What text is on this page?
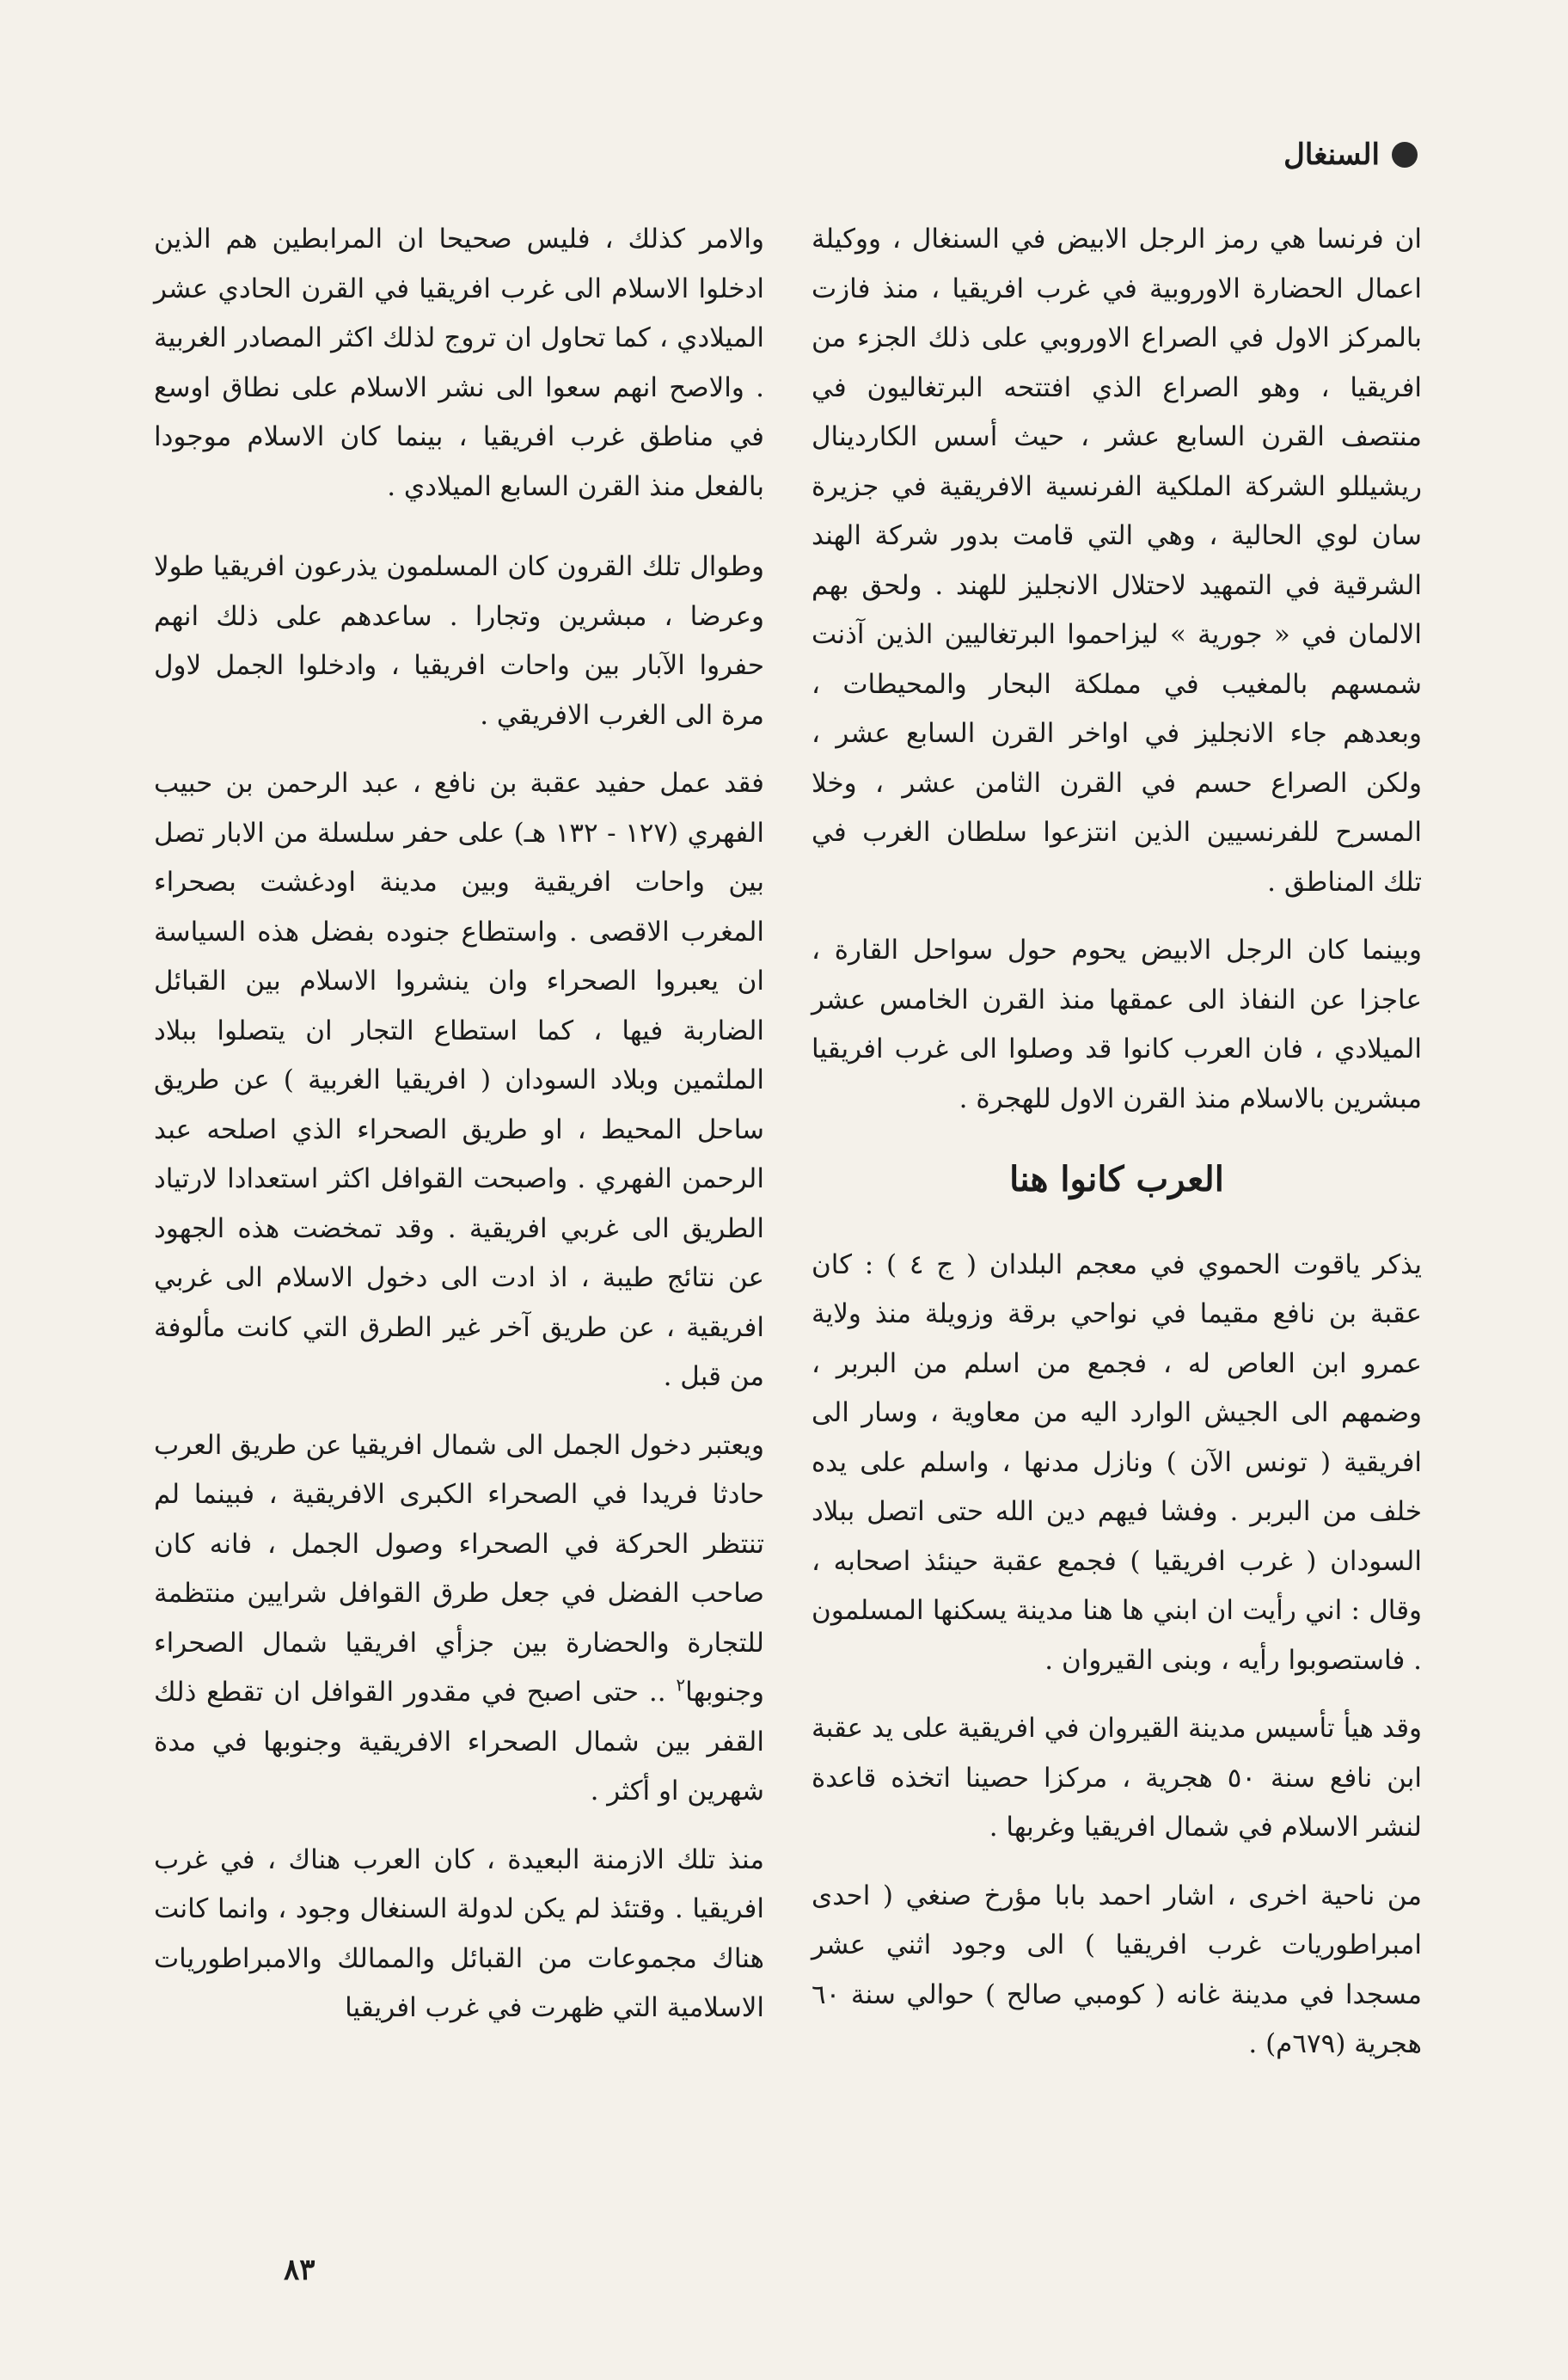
السنغال

ان فرنسا هي رمز الرجل الابيض في السنغال ، ووكيلة اعمال الحضارة الاوروبية في غرب افريقيا ، منذ فازت بالمركز الاول في الصراع الاوروبي على ذلك الجزء من افريقيا ، وهو الصراع الذي افتتحه البرتغاليون في منتصف القرن السابع عشر ، حيث أسس الكاردينال ريشيللو الشركة الملكية الفرنسية الافريقية في جزيرة سان لوي الحالية ، وهي التي قامت بدور شركة الهند الشرقية في التمهيد لاحتلال الانجليز للهند . ولحق بهم الالمان في « جورية » ليزاحموا البرتغاليين الذين آذنت شمسهم بالمغيب في مملكة البحار والمحيطات ، وبعدهم جاء الانجليز في اواخر القرن السابع عشر ، ولكن الصراع حسم في القرن الثامن عشر ، وخلا المسرح للفرنسيين الذين انتزعوا سلطان الغرب في تلك المناطق .

وبينما كان الرجل الابيض يحوم حول سواحل القارة ، عاجزا عن النفاذ الى عمقها منذ القرن الخامس عشر الميلادي ، فان العرب كانوا قد وصلوا الى غرب افريقيا مبشرين بالاسلام منذ القرن الاول للهجرة .

العرب كانوا هنا

يذكر ياقوت الحموي في معجم البلدان ( ج ٤ ) : كان عقبة بن نافع مقيما في نواحي برقة وزويلة منذ ولاية عمرو ابن العاص له ، فجمع من اسلم من البربر ، وضمهم الى الجيش الوارد اليه من معاوية ، وسار الى افريقية ( تونس الآن ) ونازل مدنها ، واسلم على يده خلف من البربر . وفشا فيهم دين الله حتى اتصل ببلاد السودان ( غرب افريقيا ) فجمع عقبة حينئذ اصحابه ، وقال : اني رأيت ان ابني ها هنا مدينة يسكنها المسلمون . فاستصوبوا رأيه ، وبنى القيروان .

وقد هيأ تأسيس مدينة القيروان في افريقية على يد عقبة ابن نافع سنة ٥٠ هجرية ، مركزا حصينا اتخذه قاعدة لنشر الاسلام في شمال افريقيا وغربها .

من ناحية اخرى ، اشار احمد بابا مؤرخ صنغي ( احدى امبراطوريات غرب افريقيا ) الى وجود اثني عشر مسجدا في مدينة غانه ( كومبي صالح ) حوالي سنة ٦٠ هجرية (٦٧٩م) .

والامر كذلك ، فليس صحيحا ان المرابطين هم الذين ادخلوا الاسلام الى غرب افريقيا في القرن الحادي عشر الميلادي ، كما تحاول ان تروج لذلك اكثر المصادر الغربية . والاصح انهم سعوا الى نشر الاسلام على نطاق اوسع في مناطق غرب افريقيا ، بينما كان الاسلام موجودا بالفعل منذ القرن السابع الميلادي .

وطوال تلك القرون كان المسلمون يذرعون افريقيا طولا وعرضا ، مبشرين وتجارا . ساعدهم على ذلك انهم حفروا الآبار بين واحات افريقيا ، وادخلوا الجمل لاول مرة الى الغرب الافريقي .

فقد عمل حفيد عقبة بن نافع ، عبد الرحمن بن حبيب الفهري (١٢٧ - ١٣٢ هـ) على حفر سلسلة من الابار تصل بين واحات افريقية وبين مدينة اودغشت بصحراء المغرب الاقصى . واستطاع جنوده بفضل هذه السياسة ان يعبروا الصحراء وان ينشروا الاسلام بين القبائل الضاربة فيها ، كما استطاع التجار ان يتصلوا ببلاد الملثمين وبلاد السودان ( افريقيا الغربية ) عن طريق ساحل المحيط ، او طريق الصحراء الذي اصلحه عبد الرحمن الفهري . واصبحت القوافل اكثر استعدادا لارتياد الطريق الى غربي افريقية . وقد تمخضت هذه الجهود عن نتائج طيبة ، اذ ادت الى دخول الاسلام الى غربي افريقية ، عن طريق آخر غير الطرق التي كانت مألوفة من قبل .

ويعتبر دخول الجمل الى شمال افريقيا عن طريق العرب حادثا فريدا في الصحراء الكبرى الافريقية ، فبينما لم تنتظر الحركة في الصحراء وصول الجمل ، فانه كان صاحب الفضل في جعل طرق القوافل شرايين منتظمة للتجارة والحضارة بين جزأي افريقيا شمال الصحراء وجنوبها$^٢$ .. حتى اصبح في مقدور القوافل ان تقطع ذلك القفر بين شمال الصحراء الافريقية وجنوبها في مدة شهرين او أكثر .

منذ تلك الازمنة البعيدة ، كان العرب هناك ، في غرب افريقيا . وقتئذ لم يكن لدولة السنغال وجود ، وانما كانت هناك مجموعات من القبائل والممالك والامبراطوريات الاسلامية التي ظهرت في غرب افريقيا

٨٣
